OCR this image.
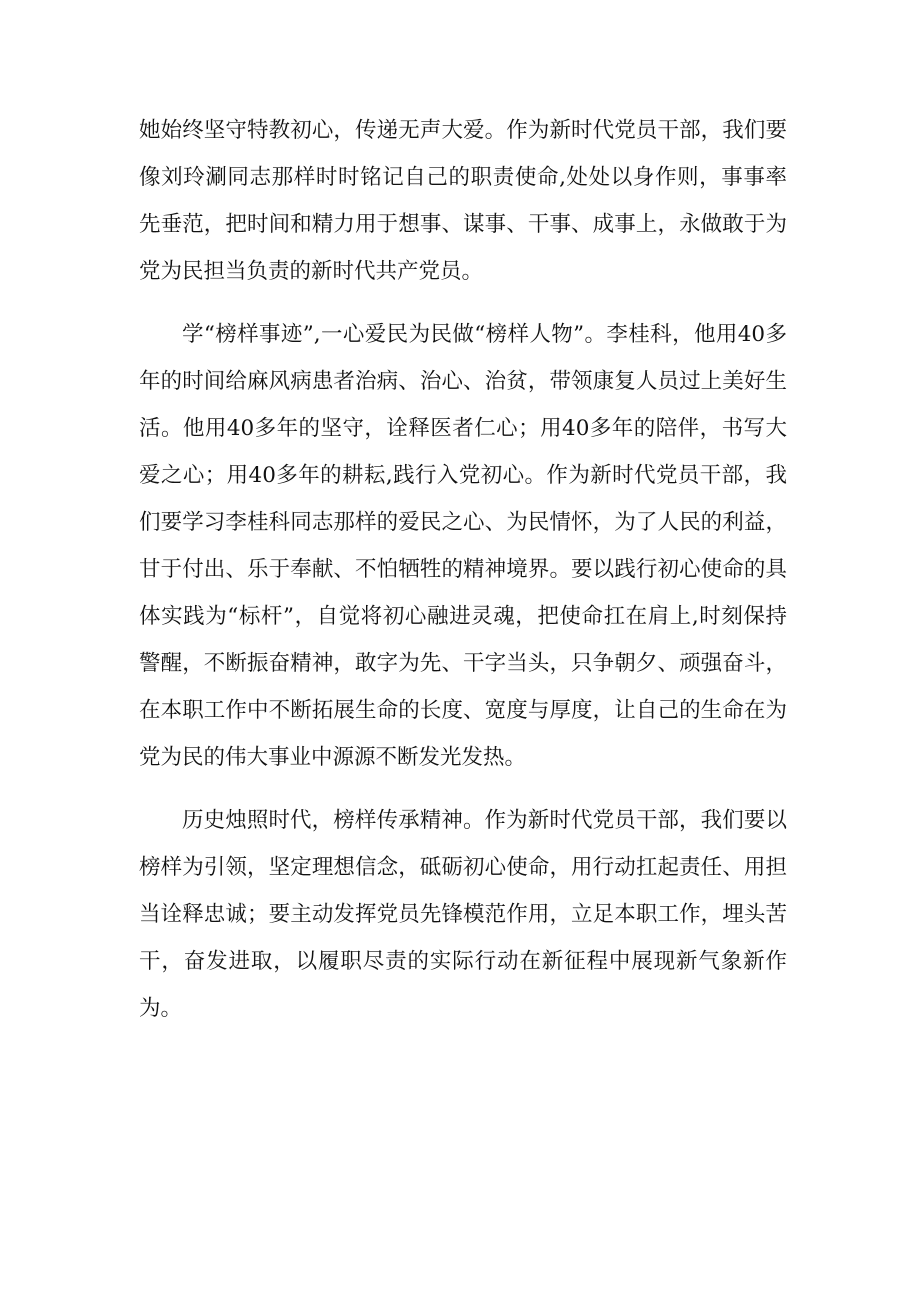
她始终坚守特教初心，传递无声大爱。作为新时代党员干部，我们要像刘玲涮同志那样时时铭记自己的职责使命,处处以身作则，事事率先垂范，把时间和精力用于想事、谋事、干事、成事上，永做敢于为党为民担当负责的新时代共产党员。

学“榜样事迹”,一心爱民为民做“榜样人物”。李桂科，他用40多年的时间给麻风病患者治病、治心、治贫，带领康复人员过上美好生活。他用40多年的坚守，诠释医者仁心；用40多年的陪伴，书写大爱之心；用40多年的耕耘,践行入党初心。作为新时代党员干部，我们要学习李桂科同志那样的爱民之心、为民情怀，为了人民的利益，甘于付出、乐于奉献、不怕牺牲的精神境界。要以践行初心使命的具体实践为“标杆”，自觉将初心融进灵魂，把使命扛在肩上,时刻保持警醒，不断振奋精神，敢字为先、干字当头，只争朝夕、顽强奋斗，在本职工作中不断拓展生命的长度、宽度与厚度，让自己的生命在为党为民的伟大事业中源源不断发光发热。

历史烛照时代，榜样传承精神。作为新时代党员干部，我们要以榜样为引领，坚定理想信念，砥砺初心使命，用行动扛起责任、用担当诠释忠诚；要主动发挥党员先锋模范作用，立足本职工作，埋头苦干，奋发进取，以履职尽责的实际行动在新征程中展现新气象新作为。
